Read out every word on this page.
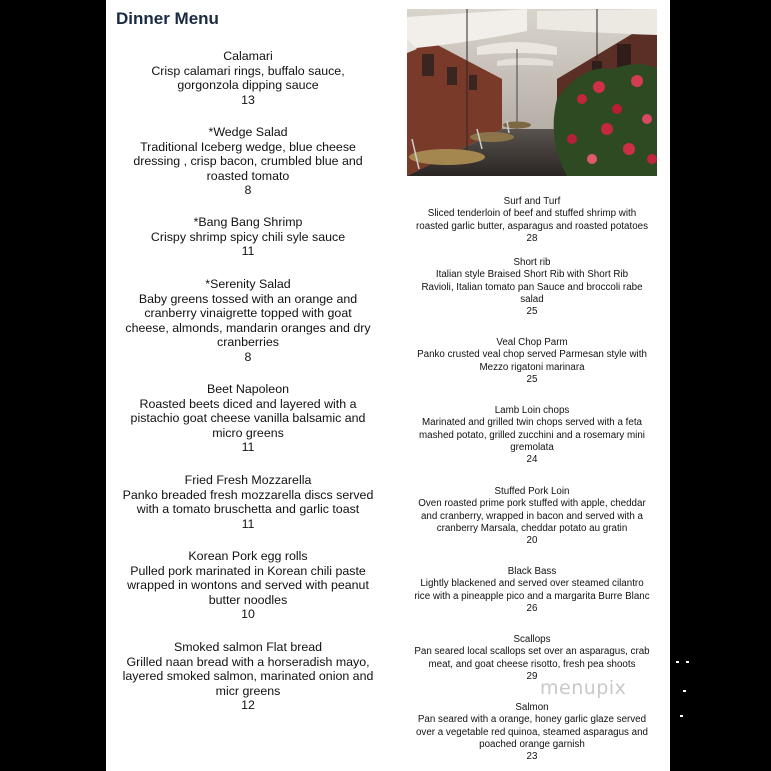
Dinner Menu
Calamari
Crisp calamari rings, buffalo sauce,
gorgonzola dipping sauce
13
*Wedge Salad
Traditional Iceberg wedge, blue cheese
dressing , crisp bacon, crumbled blue and
roasted tomato
8
*Bang Bang Shrimp
Crispy shrimp spicy chili syle sauce
11
*Serenity Salad
Baby greens tossed with an orange and
cranberry vinaigrette topped with goat
cheese, almonds, mandarin oranges and dry
cranberries
8
Beet Napoleon
Roasted beets diced and layered with a
pistachio goat cheese vanilla balsamic and
micro greens
11
Fried Fresh Mozzarella
Panko breaded fresh mozzarella discs served
with a tomato bruschetta and garlic toast
11
Korean Pork egg rolls
Pulled pork marinated in Korean chili paste
wrapped in wontons and served with peanut
butter noodles
10
Smoked salmon Flat bread
Grilled naan bread with a horseradish mayo,
layered smoked salmon, marinated onion and
micr greens
12
Surf and Turf
Sliced tenderloin of beef and stuffed shrimp with
roasted garlic butter, asparagus and roasted potatoes
28
Short rib
Italian style Braised Short Rib with Short Rib
Ravioli, Italian tomato pan Sauce and broccoli rabe
salad
25
Veal Chop Parm
Panko crusted veal chop served Parmesan style with
Mezzo rigatoni marinara
25
Lamb Loin chops
Marinated and grilled twin chops served with a feta
mashed potato, grilled zucchini and a rosemary mini
gremolata
24
Stuffed Pork Loin
Oven roasted prime pork stuffed with apple, cheddar
and cranberry, wrapped in bacon and served with a
cranberry Marsala, cheddar potato au gratin
20
Black Bass
Lightly blackened and served over steamed cilantro
rice with a pineapple pico and a margarita Burre Blanc
26
Scallops
Pan seared local scallops set over an asparagus, crab
meat, and goat cheese risotto, fresh pea shoots
29
Salmon
Pan seared with a orange, honey garlic glaze served
over a vegetable red quinoa, steamed asparagus and
poached orange garnish
23
menupix
